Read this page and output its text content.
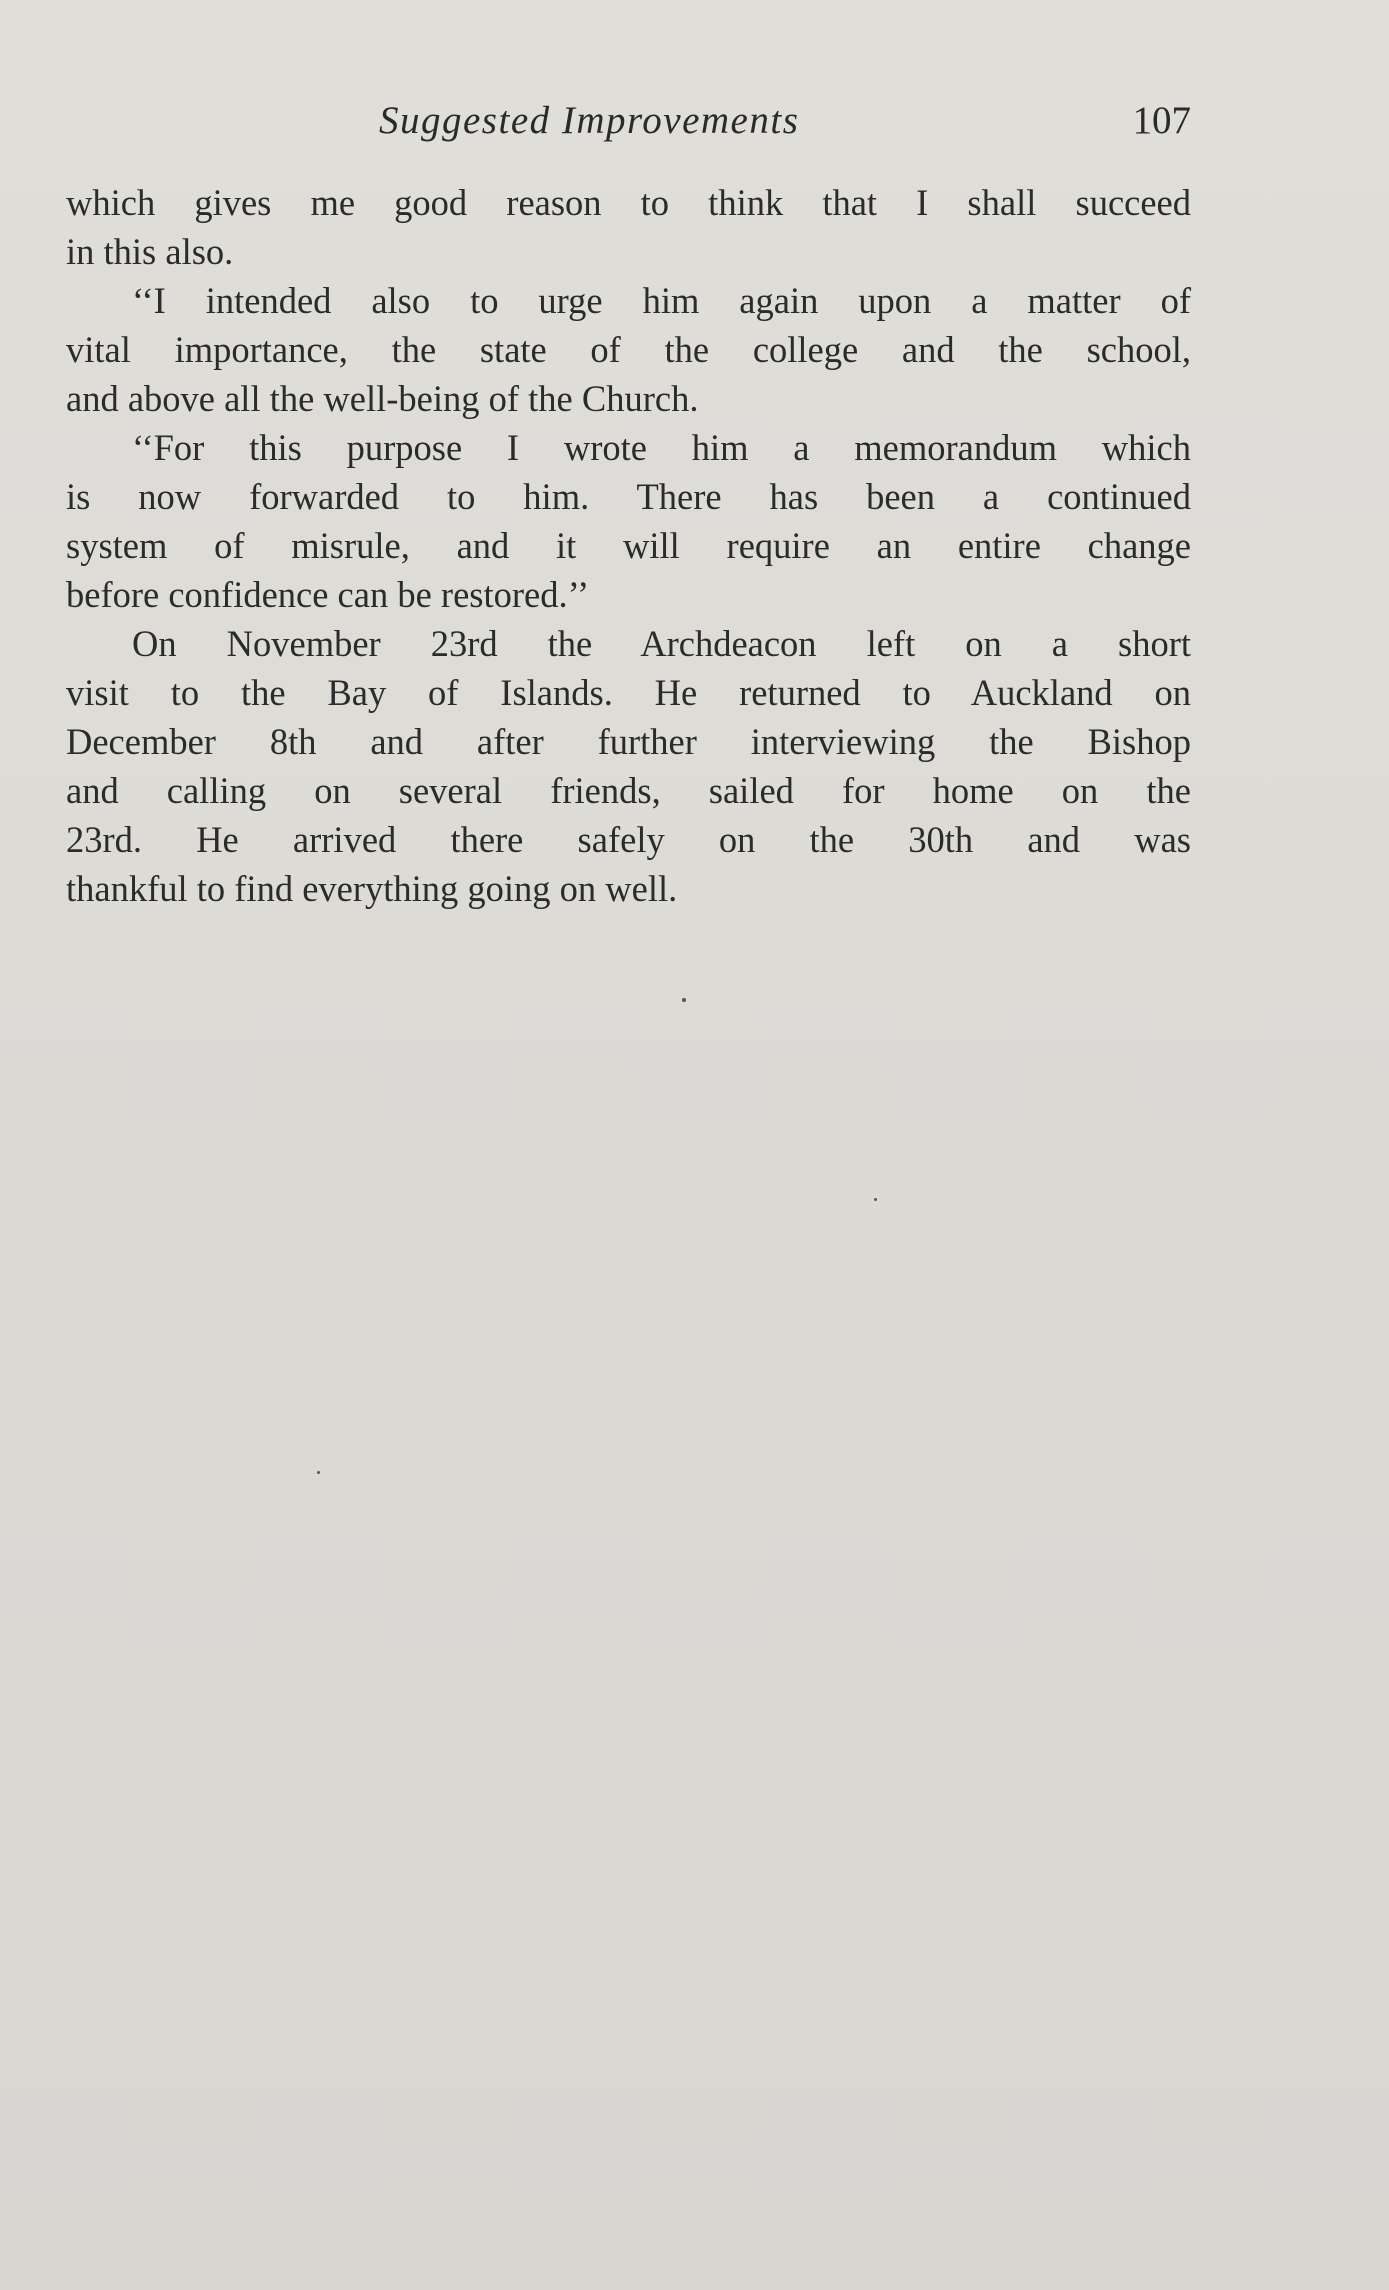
Suggested Improvements	107
which gives me good reason to think that I shall succeed
in this also.
‘‘I intended also to urge him again upon a matter of
vital importance, the state of the college and the school,
and above all the well-being of the Church.
‘‘For this purpose I wrote him a memorandum which
is now forwarded to him. There has been a continued
system of misrule, and it will require an entire change
before confidence can be restored.’’
On November 23rd the Archdeacon left on a short
visit to the Bay of Islands. He returned to Auckland on
December 8th and after further interviewing the Bishop
and calling on several friends, sailed for home on the
23rd. He arrived there safely on the 30th and was
thankful to find everything going on well.
